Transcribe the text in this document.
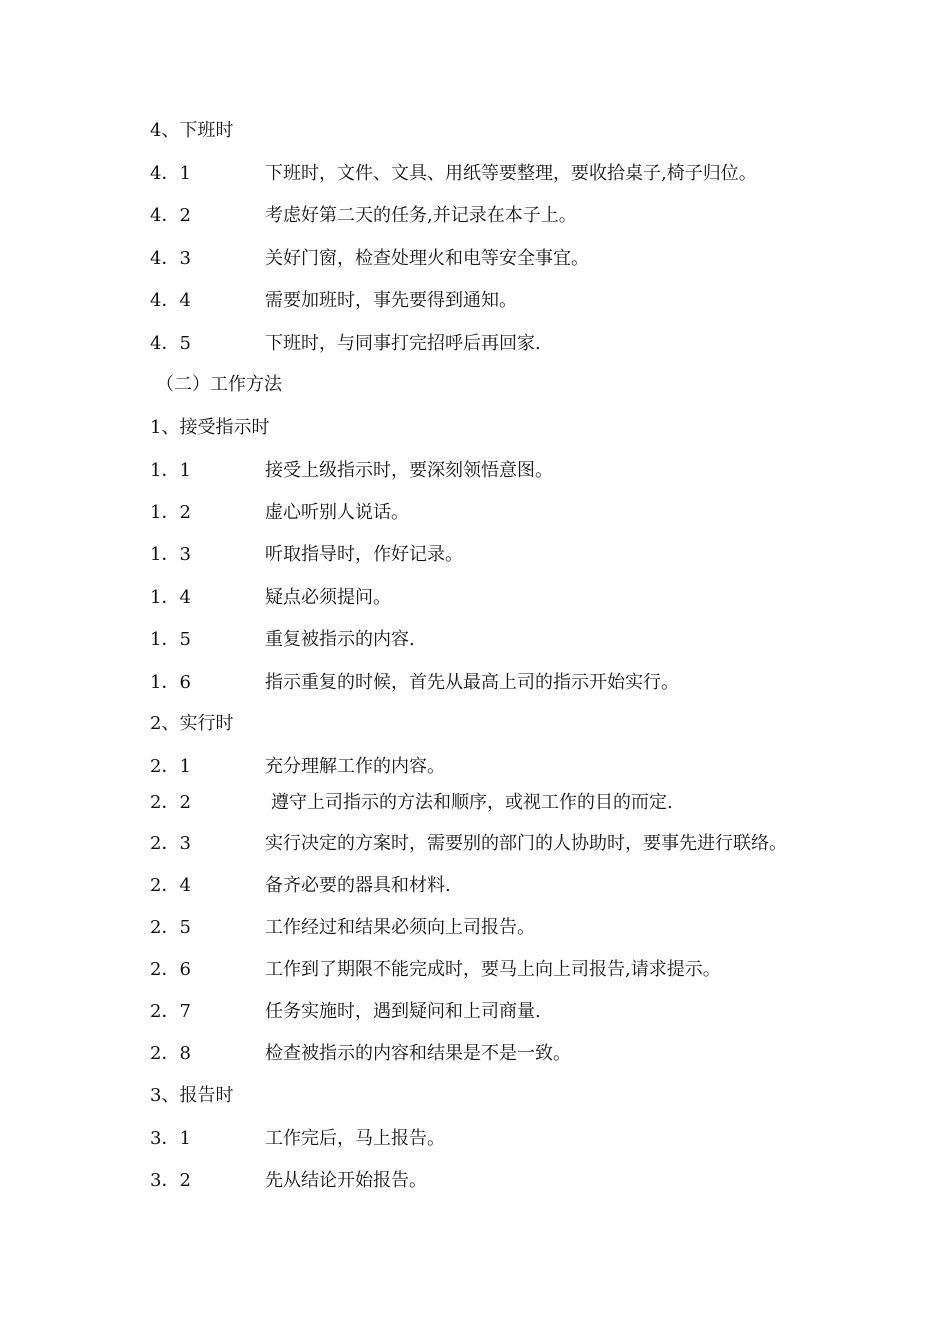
4、下班时
4．1	下班时，文件、文具、用纸等要整理，要收拾桌子,椅子归位。
4．2	考虑好第二天的任务,并记录在本子上。
4．3	关好门窗，检查处理火和电等安全事宜。
4．4	需要加班时，事先要得到通知。
4．5	下班时，与同事打完招呼后再回家.
（二）工作方法
1、接受指示时
1．1	接受上级指示时，要深刻领悟意图。
1．2	虚心听别人说话。
1．3	听取指导时，作好记录。
1．4	疑点必须提问。
1．5	重复被指示的内容.
1．6	指示重复的时候，首先从最高上司的指示开始实行。
2、实行时
2．1	充分理解工作的内容。
2．2	遵守上司指示的方法和顺序，或视工作的目的而定.
2．3	实行决定的方案时，需要别的部门的人协助时，要事先进行联络。
2．4	备齐必要的器具和材料.
2．5	工作经过和结果必须向上司报告。
2．6	工作到了期限不能完成时，要马上向上司报告,请求提示。
2．7	任务实施时，遇到疑问和上司商量.
2．8	检查被指示的内容和结果是不是一致。
3、报告时
3．1	工作完后，马上报告。
3．2	先从结论开始报告。
